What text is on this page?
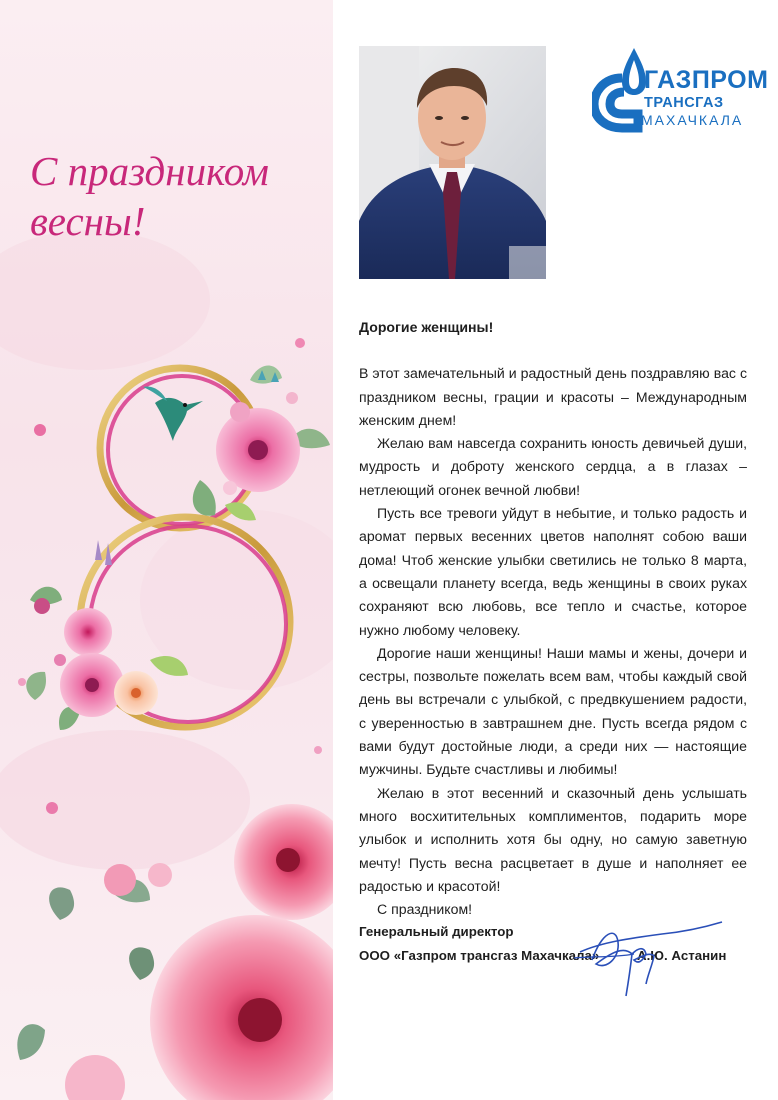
С праздником
весны!
ГАЗПРОМ
ТРАНСГАЗ
МАХАЧКАЛА
Дорогие женщины!

В этот замечательный и радостный день поздравляю вас с праздником весны, грации и красоты – Международным женским днем!

Желаю вам навсегда сохранить юность девичьей души, мудрость и доброту женского сердца, а в глазах – нетлеющий огонек вечной любви!

Пусть все тревоги уйдут в небытие, и только радость и аромат первых весенних цветов наполнят собою ваши дома! Чтоб женские улыбки светились не только 8 марта, а освещали планету всегда, ведь женщины в своих руках сохраняют всю любовь, все тепло и счастье, которое нужно любому человеку.

Дорогие наши женщины! Наши мамы и жены, дочери и сестры, позвольте пожелать всем вам, чтобы каждый свой день вы встречали с улыбкой, с предвкушением радости, с уверенностью в завтрашнем дне. Пусть всегда рядом с вами будут достойные люди, а среди них — настоящие мужчины. Будьте счастливы и любимы!

Желаю в этот весенний и сказочный день услышать много восхитительных комплиментов, подарить море улыбок и исполнить хотя бы одну, но самую заветную мечту! Пусть весна расцветает в душе и наполняет ее радостью и красотой!

С праздником!

Генеральный директор
ООО «Газпром трансгаз Махачкала»	А.Ю. Астанин
